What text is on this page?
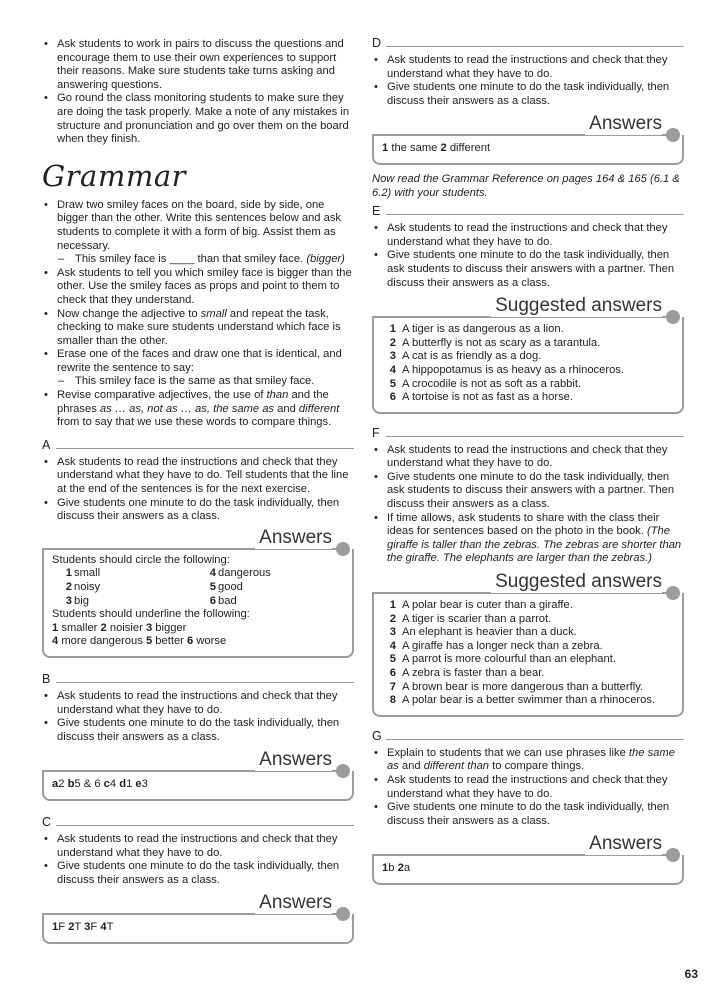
• Ask students to work in pairs to discuss the questions and encourage them to use their own experiences to support their reasons. Make sure students take turns asking and answering questions.
• Go round the class monitoring students to make sure they are doing the task properly. Make a note of any mistakes in structure and pronunciation and go over them on the board when they finish.
Grammar
• Draw two smiley faces on the board, side by side, one bigger than the other. Write this sentences below and ask students to complete it with a form of big. Assist them as necessary.
– This smiley face is ____ than that smiley face. (bigger)
• Ask students to tell you which smiley face is bigger than the other. Use the smiley faces as props and point to them to check that they understand.
• Now change the adjective to small and repeat the task, checking to make sure students understand which face is smaller than the other.
• Erase one of the faces and draw one that is identical, and rewrite the sentence to say:
– This smiley face is the same as that smiley face.
• Revise comparative adjectives, the use of than and the phrases as … as, not as … as, the same as and different from to say that we use these words to compare things.
A
• Ask students to read the instructions and check that they understand what they have to do. Tell students that the line at the end of the sentences is for the next exercise.
• Give students one minute to do the task individually, then discuss their answers as a class.
Answers
Students should circle the following:
1 small	4 dangerous
2 noisy	5 good
3 big	6 bad
Students should underline the following:
1 smaller 2 noisier 3 bigger
4 more dangerous 5 better 6 worse
B
• Ask students to read the instructions and check that they understand what they have to do.
• Give students one minute to do the task individually, then discuss their answers as a class.
Answers
a2 b5 & 6 c4 d1 e3
C
• Ask students to read the instructions and check that they understand what they have to do.
• Give students one minute to do the task individually, then discuss their answers as a class.
Answers
1F 2T 3F 4T
D
• Ask students to read the instructions and check that they understand what they have to do.
• Give students one minute to do the task individually, then discuss their answers as a class.
Answers
1 the same 2 different
Now read the Grammar Reference on pages 164 & 165 (6.1 & 6.2) with your students.
E
• Ask students to read the instructions and check that they understand what they have to do.
• Give students one minute to do the task individually, then ask students to discuss their answers with a partner. Then discuss their answers as a class.
Suggested answers
1 A tiger is as dangerous as a lion.
2 A butterfly is not as scary as a tarantula.
3 A cat is as friendly as a dog.
4 A hippopotamus is as heavy as a rhinoceros.
5 A crocodile is not as soft as a rabbit.
6 A tortoise is not as fast as a horse.
F
• Ask students to read the instructions and check that they understand what they have to do.
• Give students one minute to do the task individually, then ask students to discuss their answers with a partner. Then discuss their answers as a class.
• If time allows, ask students to share with the class their ideas for sentences based on the photo in the book. (The giraffe is taller than the zebras. The zebras are shorter than the giraffe. The elephants are larger than the zebras.)
Suggested answers
1 A polar bear is cuter than a giraffe.
2 A tiger is scarier than a parrot.
3 An elephant is heavier than a duck.
4 A giraffe has a longer neck than a zebra.
5 A parrot is more colourful than an elephant.
6 A zebra is faster than a bear.
7 A brown bear is more dangerous than a butterfly.
8 A polar bear is a better swimmer than a rhinoceros.
G
• Explain to students that we can use phrases like the same as and different than to compare things.
• Ask students to read the instructions and check that they understand what they have to do.
• Give students one minute to do the task individually, then discuss their answers as a class.
Answers
1b 2a
63
